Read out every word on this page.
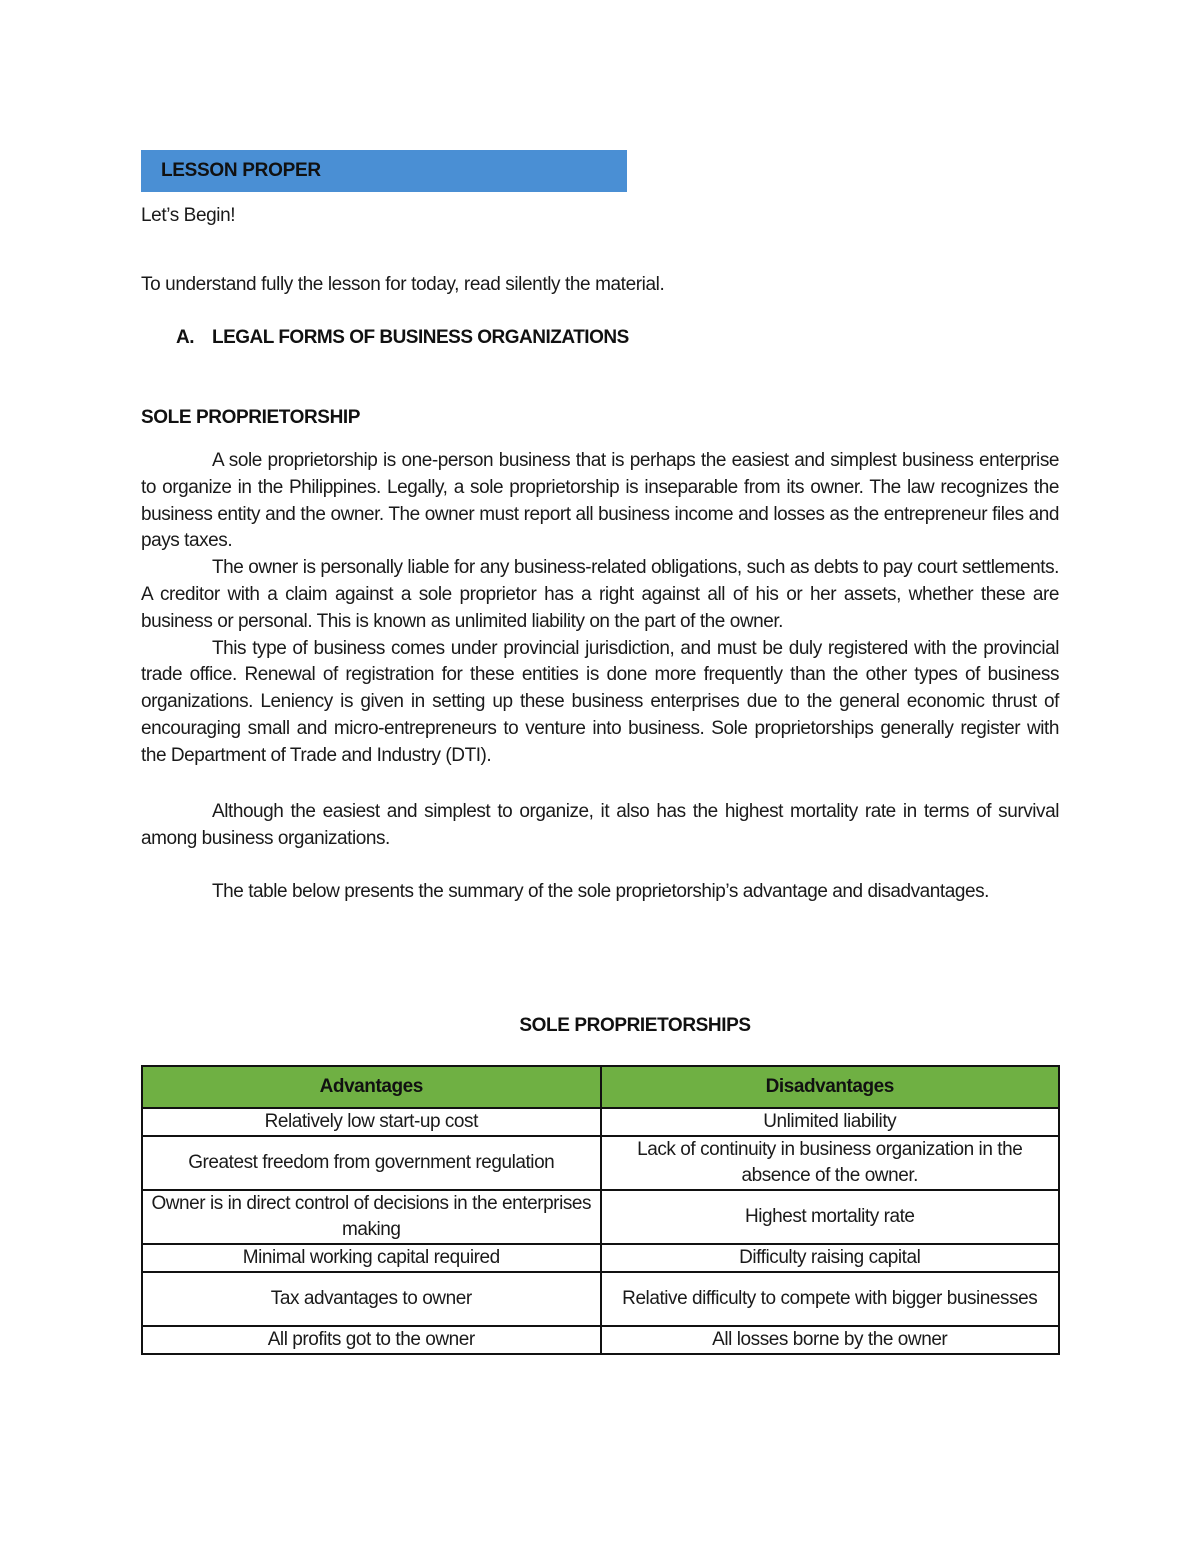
LESSON PROPER
Let’s Begin!
To understand fully the lesson for today, read silently the material.
A. LEGAL FORMS OF BUSINESS ORGANIZATIONS
SOLE PROPRIETORSHIP

A sole proprietorship is one-person business that is perhaps the easiest and simplest business enterprise to organize in the Philippines. Legally, a sole proprietorship is inseparable from its owner. The law recognizes the business entity and the owner. The owner must report all business income and losses as the entrepreneur files and pays taxes.

The owner is personally liable for any business-related obligations, such as debts to pay court settlements. A creditor with a claim against a sole proprietor has a right against all of his or her assets, whether these are business or personal. This is known as unlimited liability on the part of the owner.

This type of business comes under provincial jurisdiction, and must be duly registered with the provincial trade office. Renewal of registration for these entities is done more frequently than the other types of business organizations. Leniency is given in setting up these business enterprises due to the general economic thrust of encouraging small and micro-entrepreneurs to venture into business. Sole proprietorships generally register with the Department of Trade and Industry (DTI).

Although the easiest and simplest to organize, it also has the highest mortality rate in terms of survival among business organizations.

The table below presents the summary of the sole proprietorship’s advantage and disadvantages.

SOLE PROPRIETORSHIPS
Advantages	Disadvantages
Relatively low start-up cost	Unlimited liability
Greatest freedom from government regulation	Lack of continuity in business organization in the absence of the owner.
Owner is in direct control of decisions in the enterprises making	Highest mortality rate
Minimal working capital required	Difficulty raising capital
Tax advantages to owner	Relative difficulty to compete with bigger businesses
All profits got to the owner	All losses borne by the owner
